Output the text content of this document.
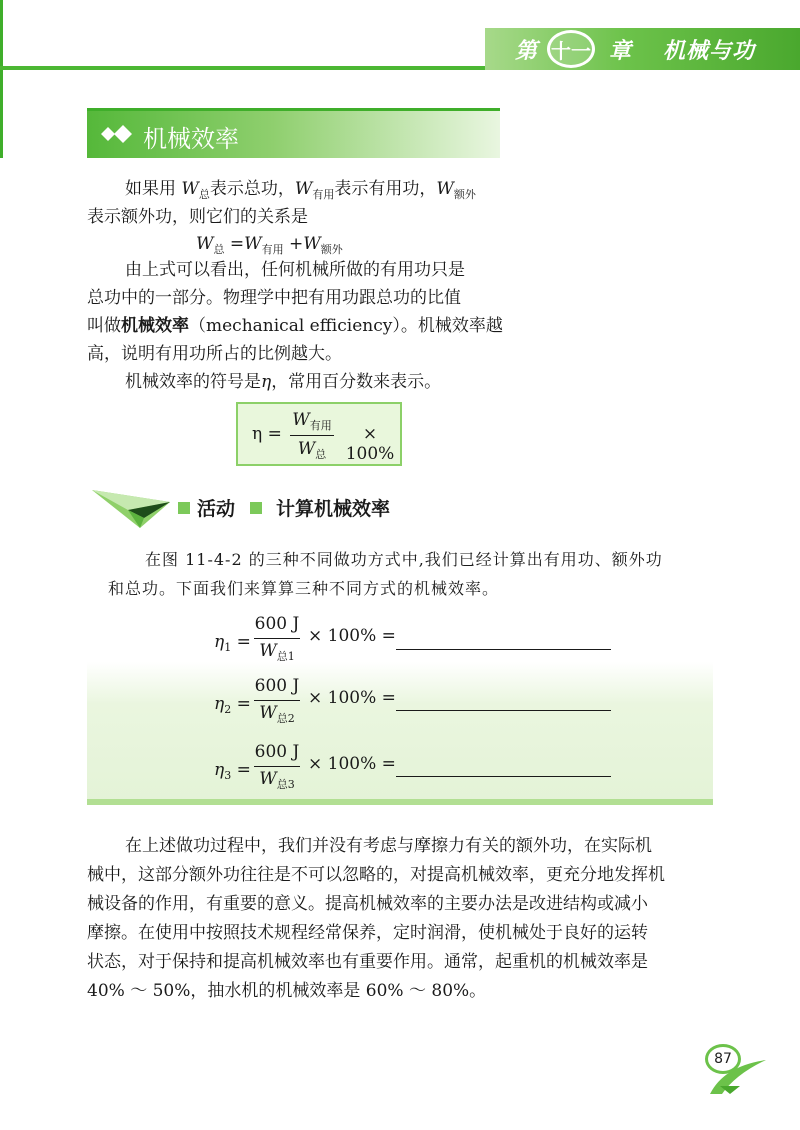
第 十一 章 机械与功
机械效率
如果用 $W_总$表示总功，$W_{有用}$表示有用功，$W_{额外}$
表示额外功，则它们的关系是
$W_总 =W_{有用} +W_{额外}$
由上式可以看出，任何机械所做的有用功只是
总功中的一部分。物理学中把有用功跟总功的比值
叫做机械效率（mechanical efficiency）。机械效率越
高，说明有用功所占的比例越大。
机械效率的符号是η，常用百分数来表示。
η =
$W_{有用}$
$W_总$
× 100%
活动 计算机械效率
在图 11-4-2 的三种不同做功方式中,我们已经计算出有用功、额外功
和总功。下面我们来算算三种不同方式的机械效率。
$\eta_1$ =
600 J
$W_{总1}$
× 100% =
$\eta_2$ =
600 J
$W_{总2}$
× 100% =
$\eta_3$ =
600 J
$W_{总3}$
× 100% =
在上述做功过程中，我们并没有考虑与摩擦力有关的额外功，在实际机
械中，这部分额外功往往是不可以忽略的，对提高机械效率，更充分地发挥机
械设备的作用，有重要的意义。提高机械效率的主要办法是改进结构或减小
摩擦。在使用中按照技术规程经常保养，定时润滑，使机械处于良好的运转
状态，对于保持和提高机械效率也有重要作用。通常，起重机的机械效率是
40% ～ 50%，抽水机的机械效率是 60% ～ 80%。
87
